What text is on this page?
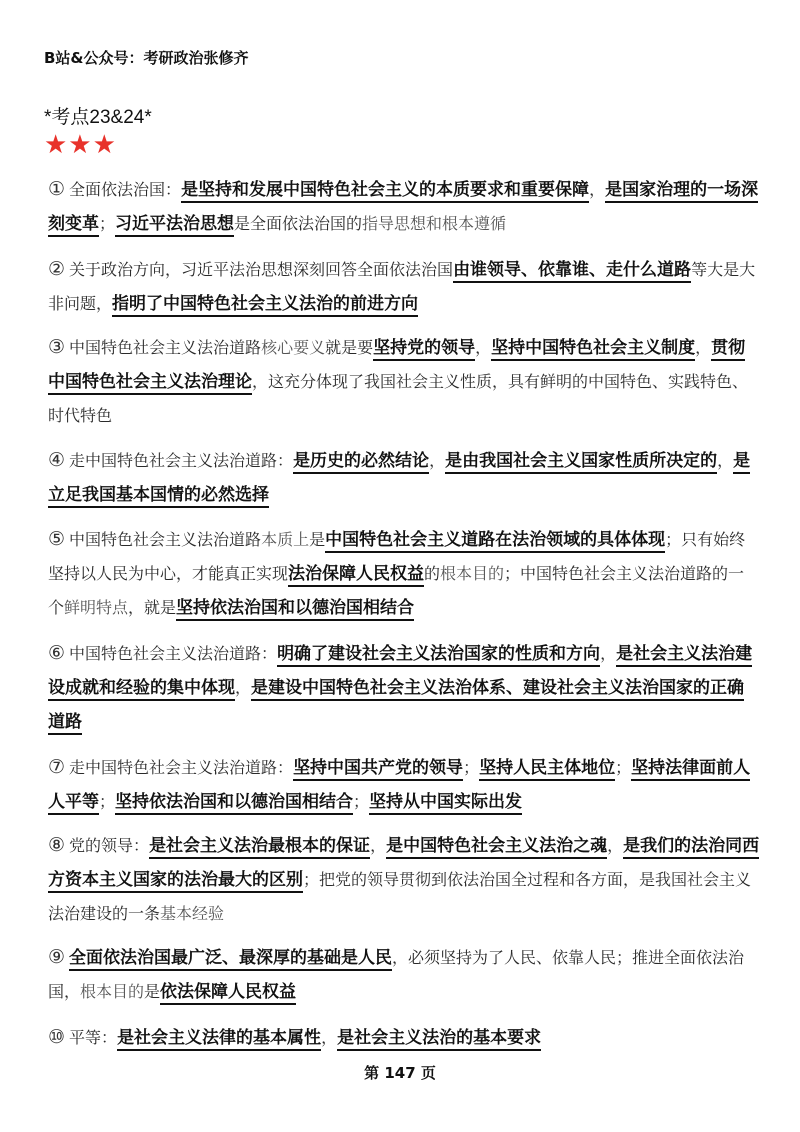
B站&公众号：考研政治张修齐
*考点23&24*
★★★
① 全面依法治国：是坚持和发展中国特色社会主义的本质要求和重要保障，是国家治理的一场深刻变革；习近平法治思想是全面依法治国的指导思想和根本遵循
② 关于政治方向，习近平法治思想深刻回答全面依法治国由谁领导、依靠谁、走什么道路等大是大非问题，指明了中国特色社会主义法治的前进方向
③ 中国特色社会主义法治道路核心要义就是要坚持党的领导，坚持中国特色社会主义制度，贯彻中国特色社会主义法治理论，这充分体现了我国社会主义性质，具有鲜明的中国特色、实践特色、时代特色
④ 走中国特色社会主义法治道路：是历史的必然结论，是由我国社会主义国家性质所决定的，是立足我国基本国情的必然选择
⑤ 中国特色社会主义法治道路本质上是中国特色社会主义道路在法治领域的具体体现；只有始终坚持以人民为中心，才能真正实现法治保障人民权益的根本目的；中国特色社会主义法治道路的一个鲜明特点，就是坚持依法治国和以德治国相结合
⑥ 中国特色社会主义法治道路：明确了建设社会主义法治国家的性质和方向，是社会主义法治建设成就和经验的集中体现，是建设中国特色社会主义法治体系、建设社会主义法治国家的正确道路
⑦ 走中国特色社会主义法治道路：坚持中国共产党的领导；坚持人民主体地位；坚持法律面前人人平等；坚持依法治国和以德治国相结合；坚持从中国实际出发
⑧ 党的领导：是社会主义法治最根本的保证，是中国特色社会主义法治之魂，是我们的法治同西方资本主义国家的法治最大的区别；把党的领导贯彻到依法治国全过程和各方面，是我国社会主义法治建设的一条基本经验
⑨ 全面依法治国最广泛、最深厚的基础是人民，必须坚持为了人民、依靠人民；推进全面依法治国，根本目的是依法保障人民权益
⑩ 平等：是社会主义法律的基本属性，是社会主义法治的基本要求
第 147 页
